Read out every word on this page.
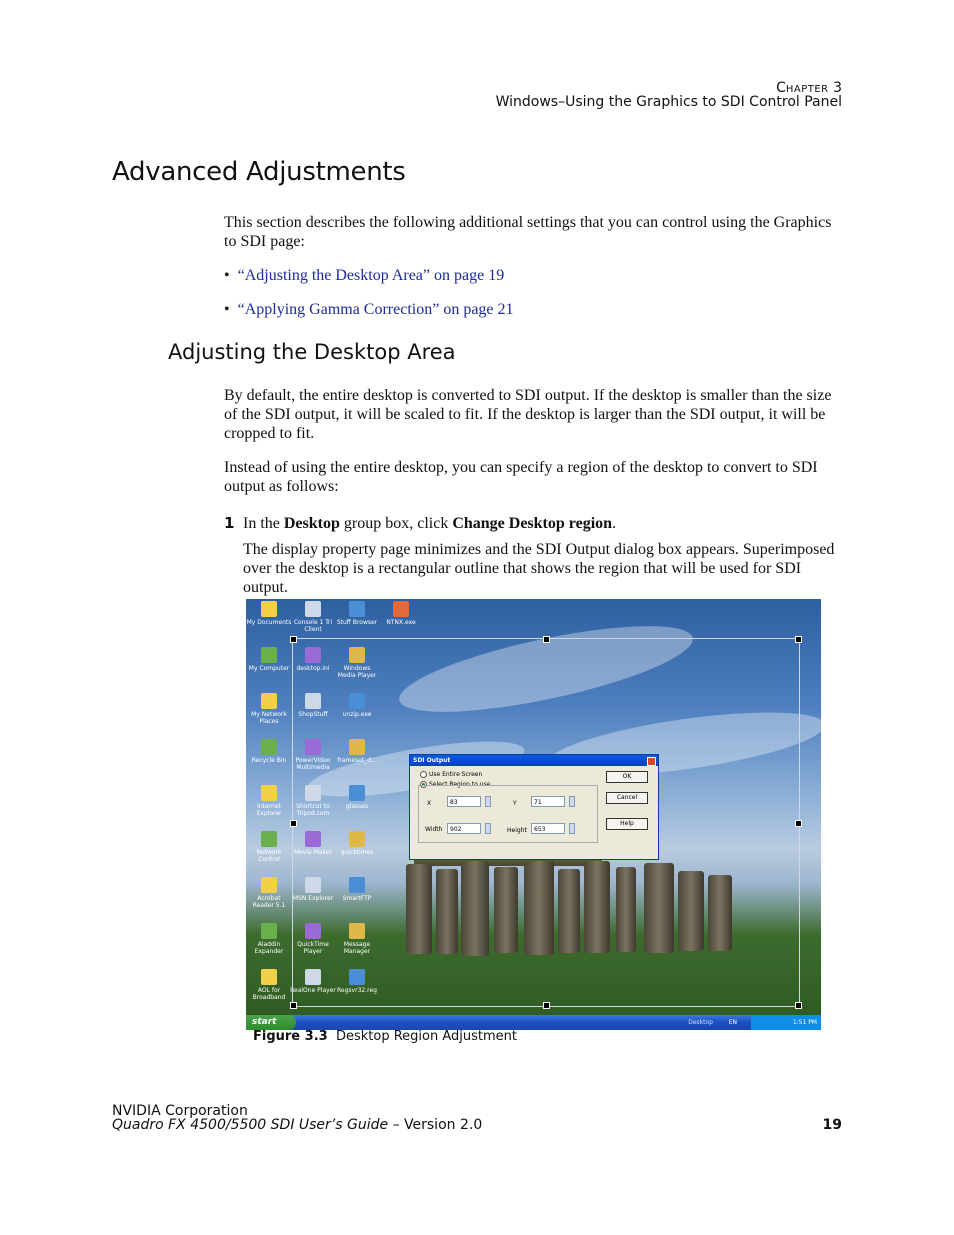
CHAPTER 3
Windows–Using the Graphics to SDI Control Panel
Advanced Adjustments
This section describes the following additional settings that you can control using the Graphics to SDI page:
• “Adjusting the Desktop Area” on page 19
• “Applying Gamma Correction” on page 21
Adjusting the Desktop Area
By default, the entire desktop is converted to SDI output. If the desktop is smaller than the size of the SDI output, it will be scaled to fit. If the desktop is larger than the SDI output, it will be cropped to fit.
Instead of using the entire desktop, you can specify a region of the desktop to convert to SDI output as follows:
1 In the Desktop group box, click Change Desktop region.
The display property page minimizes and the SDI Output dialog box appears. Superimposed over the desktop is a rectangular outline that shows the region that will be used for SDI output.
My Documents Console 1 Tri Client
Stuff Browser	NTNX.exe
My Computer	desktop.ini	Windows Media Player
My Network Places
ShopStuff	unzip.exe
Recycle Bin	PowerVideo Multimedia
frameset_d...
Internet Explorer
Shortcut to Tripod.com
glasses
Network Control
Movie Maker	quicktimes
Acrobat Reader 5.1
MSN Explorer	SmartFTP
Aladdin Expander
QuickTime Player
Message Manager
AOL for Broadband
RealOne Player Regsvr32.reg
SDI Output
Use Entire Screen
Select Region to use
X	83	Y	71
Width	902	Height	653
OK
Cancel
Help
start	Desktop	EN	1:51 PM
Figure 3.3 Desktop Region Adjustment
NVIDIA Corporation
Quadro FX 4500/5500 SDI User’s Guide – Version 2.0	19
